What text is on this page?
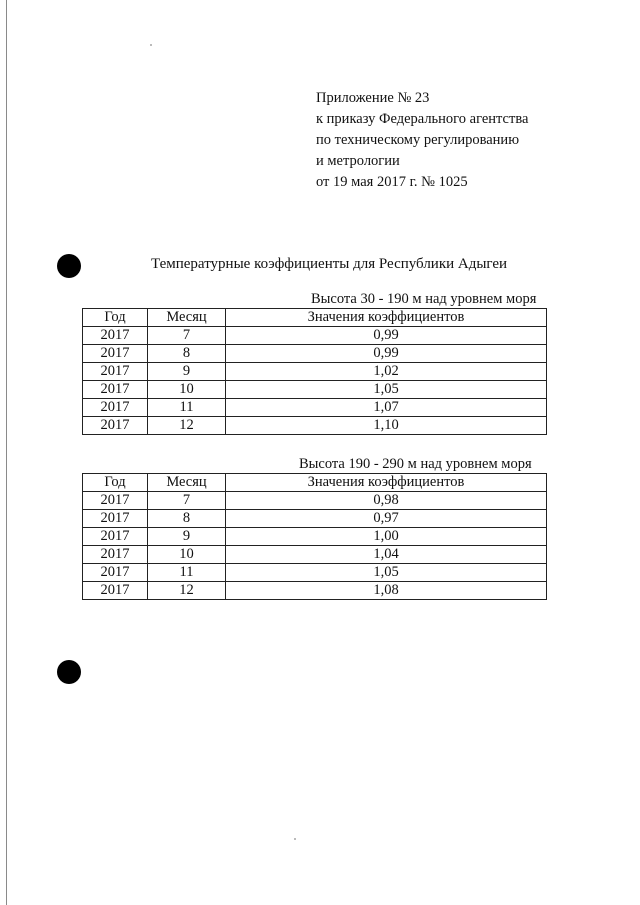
Приложение № 23
к приказу Федерального агентства
по техническому регулированию
и метрологии
от 19 мая 2017 г. № 1025
Температурные коэффициенты для Республики Адыгеи
Высота 30 - 190 м над уровнем моря
Год	Месяц	Значения коэффициентов
2017	7	0,99
2017	8	0,99
2017	9	1,02
2017	10	1,05
2017	11	1,07
2017	12	1,10
Высота 190 - 290 м над уровнем моря
Год	Месяц	Значения коэффициентов
2017	7	0,98
2017	8	0,97
2017	9	1,00
2017	10	1,04
2017	11	1,05
2017	12	1,08
